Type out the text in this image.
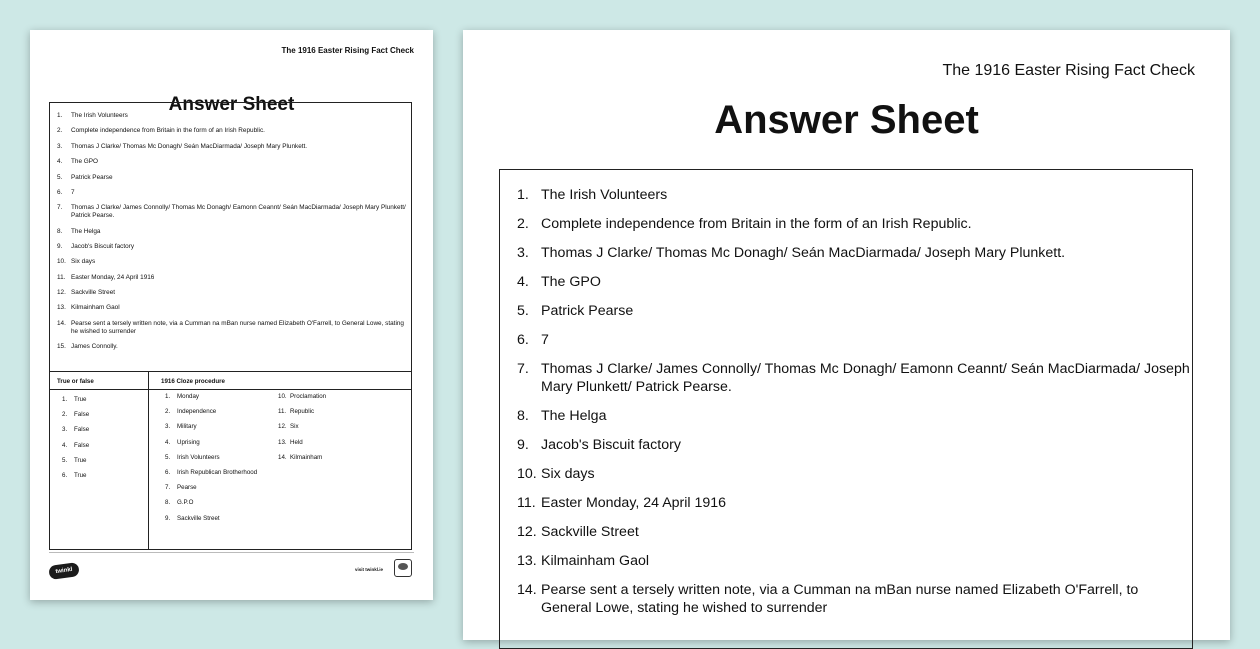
The 1916 Easter Rising Fact Check
Answer Sheet
1.	The Irish Volunteers
2.	Complete independence from Britain in the form of an Irish Republic.
3.	Thomas J Clarke/ Thomas Mc Donagh/ Seán MacDiarmada/ Joseph Mary Plunkett.
4.	The GPO
5.	Patrick Pearse
6.	7
7.	Thomas J Clarke/ James Connolly/ Thomas Mc Donagh/ Eamonn Ceannt/ Seán MacDiarmada/ Joseph Mary Plunkett/ Patrick Pearse.
8.	The Helga
9.	Jacob's Biscuit factory
10. Six days
11. Easter Monday, 24 April 1916
12. Sackville Street
13. Kilmainham Gaol
14. Pearse sent a tersely written note, via a Cumman na mBan nurse named Elizabeth O'Farrell, to General Lowe, stating he wished to surrender
15. James Connolly.
True or false
1.	True
2.	False
3.	False
4.	False
5.	True
6.	True
1916 Cloze procedure
1.	Monday
2.	Independence
3.	Military
4.	Uprising
5.	Irish Volunteers
6.	Irish Republican Brotherhood
7.	Pearse
8.	G.P.O
9.	Sackville Street
10. Proclamation
11. Republic
12. Six
13. Held
14. Kilmainham
twinkl	visit twinkl.ie
The 1916 Easter Rising Fact Check
Answer Sheet
1. The Irish Volunteers
2. Complete independence from Britain in the form of an Irish Republic.
3. Thomas J Clarke/ Thomas Mc Donagh/ Seán MacDiarmada/ Joseph Mary Plunkett.
4. The GPO
5. Patrick Pearse
6. 7
7. Thomas J Clarke/ James Connolly/ Thomas Mc Donagh/ Eamonn Ceannt/ Seán MacDiarmada/ Joseph Mary Plunkett/ Patrick Pearse.
8. The Helga
9. Jacob's Biscuit factory
10. Six days
11. Easter Monday, 24 April 1916
12. Sackville Street
13. Kilmainham Gaol
14. Pearse sent a tersely written note, via a Cumman na mBan nurse named Elizabeth O'Farrell, to General Lowe, stating he wished to surrender
